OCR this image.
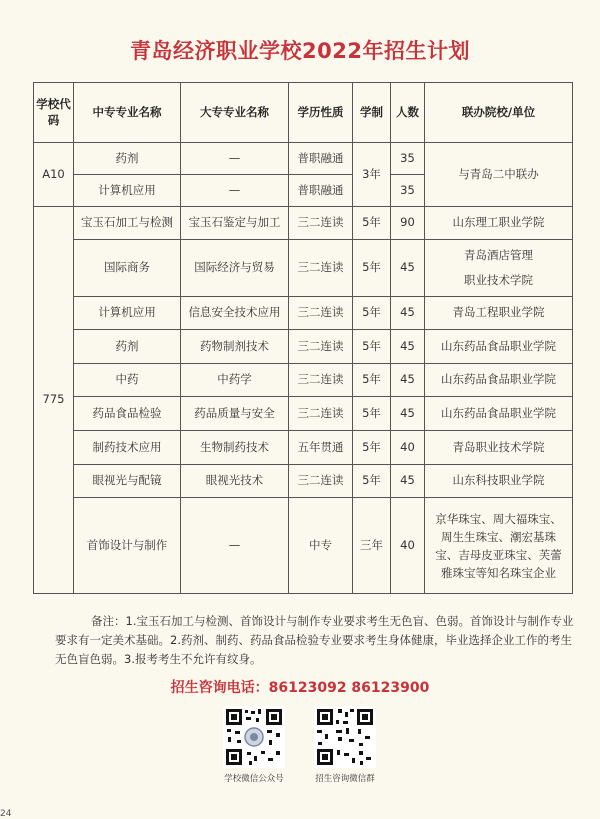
青岛经济职业学校2022年招生计划
学校代码	中专专业名称	大专专业名称	学历性质	学制	人数	联办院校/单位
A10	药剂	—	普职融通	3年	35	与青岛二中联办
	计算机应用	—	普职融通		35	
775	宝玉石加工与检测	宝玉石鉴定与加工	三二连读	5年	90	山东理工职业学院
	国际商务	国际经济与贸易	三二连读	5年	45	青岛酒店管理
职业技术学院

	计算机应用	信息安全技术应用	三二连读	5年	45	青岛工程职业学院
	药剂	药物制剂技术	三二连读	5年	45	山东药品食品职业学院
	中药	中药学	三二连读	5年	45	山东药品食品职业学院
	药品食品检验	药品质量与安全	三二连读	5年	45	山东药品食品职业学院
	制药技术应用	生物制药技术	五年贯通	5年	40	青岛职业技术学院
	眼视光与配镜	眼视光技术	三二连读	5年	45	山东科技职业学院
	首饰设计与制作	—	中专	三年	40	京华珠宝、周大福珠宝、
周生生珠宝、潮宏基珠
宝、吉母皮亚珠宝、芙蕾
雅珠宝等知名珠宝企业
备注：1.宝玉石加工与检测、首饰设计与制作专业要求考生无色盲、色弱。首饰设计与制作专业要求有一定美术基础。2.药剂、制药、药品食品检验专业要求考生身体健康，毕业选择企业工作的考生无色盲色弱。3.报考考生不允许有纹身。
招生咨询电话：86123092 86123900
学校微信公众号	招生咨询微信群
24
